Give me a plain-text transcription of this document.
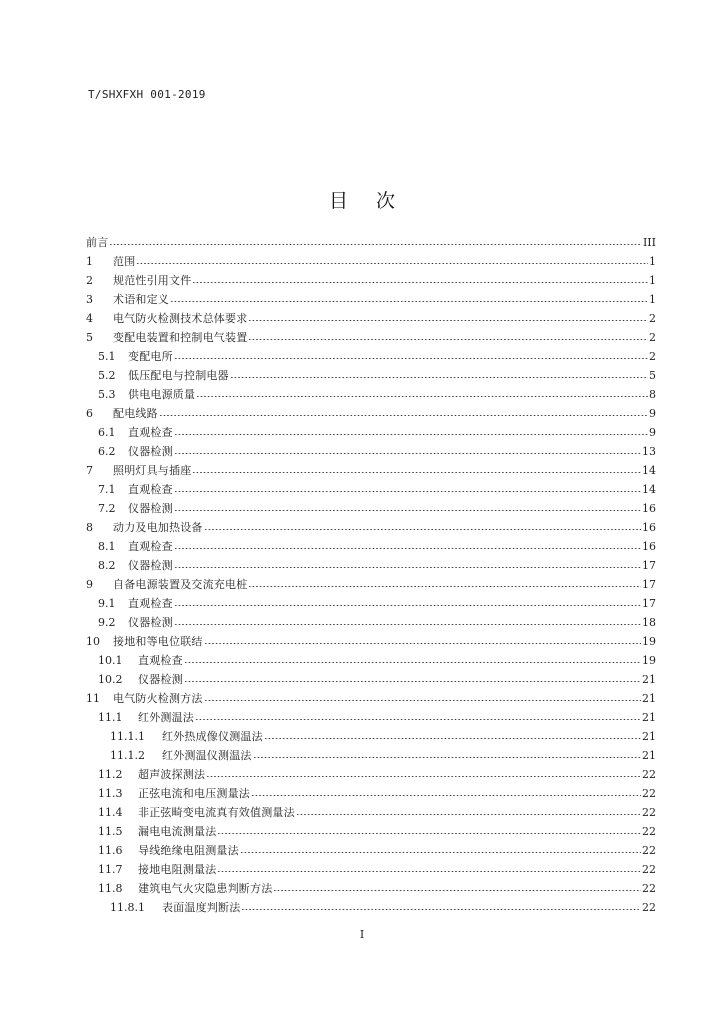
T/SHXFXH 001-2019
目次
前言	III
1	范围	1
2	规范性引用文件	1
3	术语和定义	1
4	电气防火检测技术总体要求	2
5	变配电装置和控制电气装置	2
5.1	变配电所	2
5.2	低压配电与控制电器	5
5.3	供电电源质量	8
6	配电线路	9
6.1	直观检查	9
6.2	仪器检测	13
7	照明灯具与插座	14
7.1	直观检查	14
7.2	仪器检测	16
8	动力及电加热设备	16
8.1	直观检查	16
8.2	仪器检测	17
9	自备电源装置及交流充电桩	17
9.1	直观检查	17
9.2	仪器检测	18
10	接地和等电位联结	19
10.1	直观检查	19
10.2	仪器检测	21
11	电气防火检测方法	21
11.1	红外测温法	21
11.1.1	红外热成像仪测温法	21
11.1.2	红外测温仪测温法	21
11.2	超声波探测法	22
11.3	正弦电流和电压测量法	22
11.4	非正弦畸变电流真有效值测量法	22
11.5	漏电电流测量法	22
11.6	导线绝缘电阻测量法	22
11.7	接地电阻测量法	22
11.8	建筑电气火灾隐患判断方法	22
11.8.1	表面温度判断法	22
I
